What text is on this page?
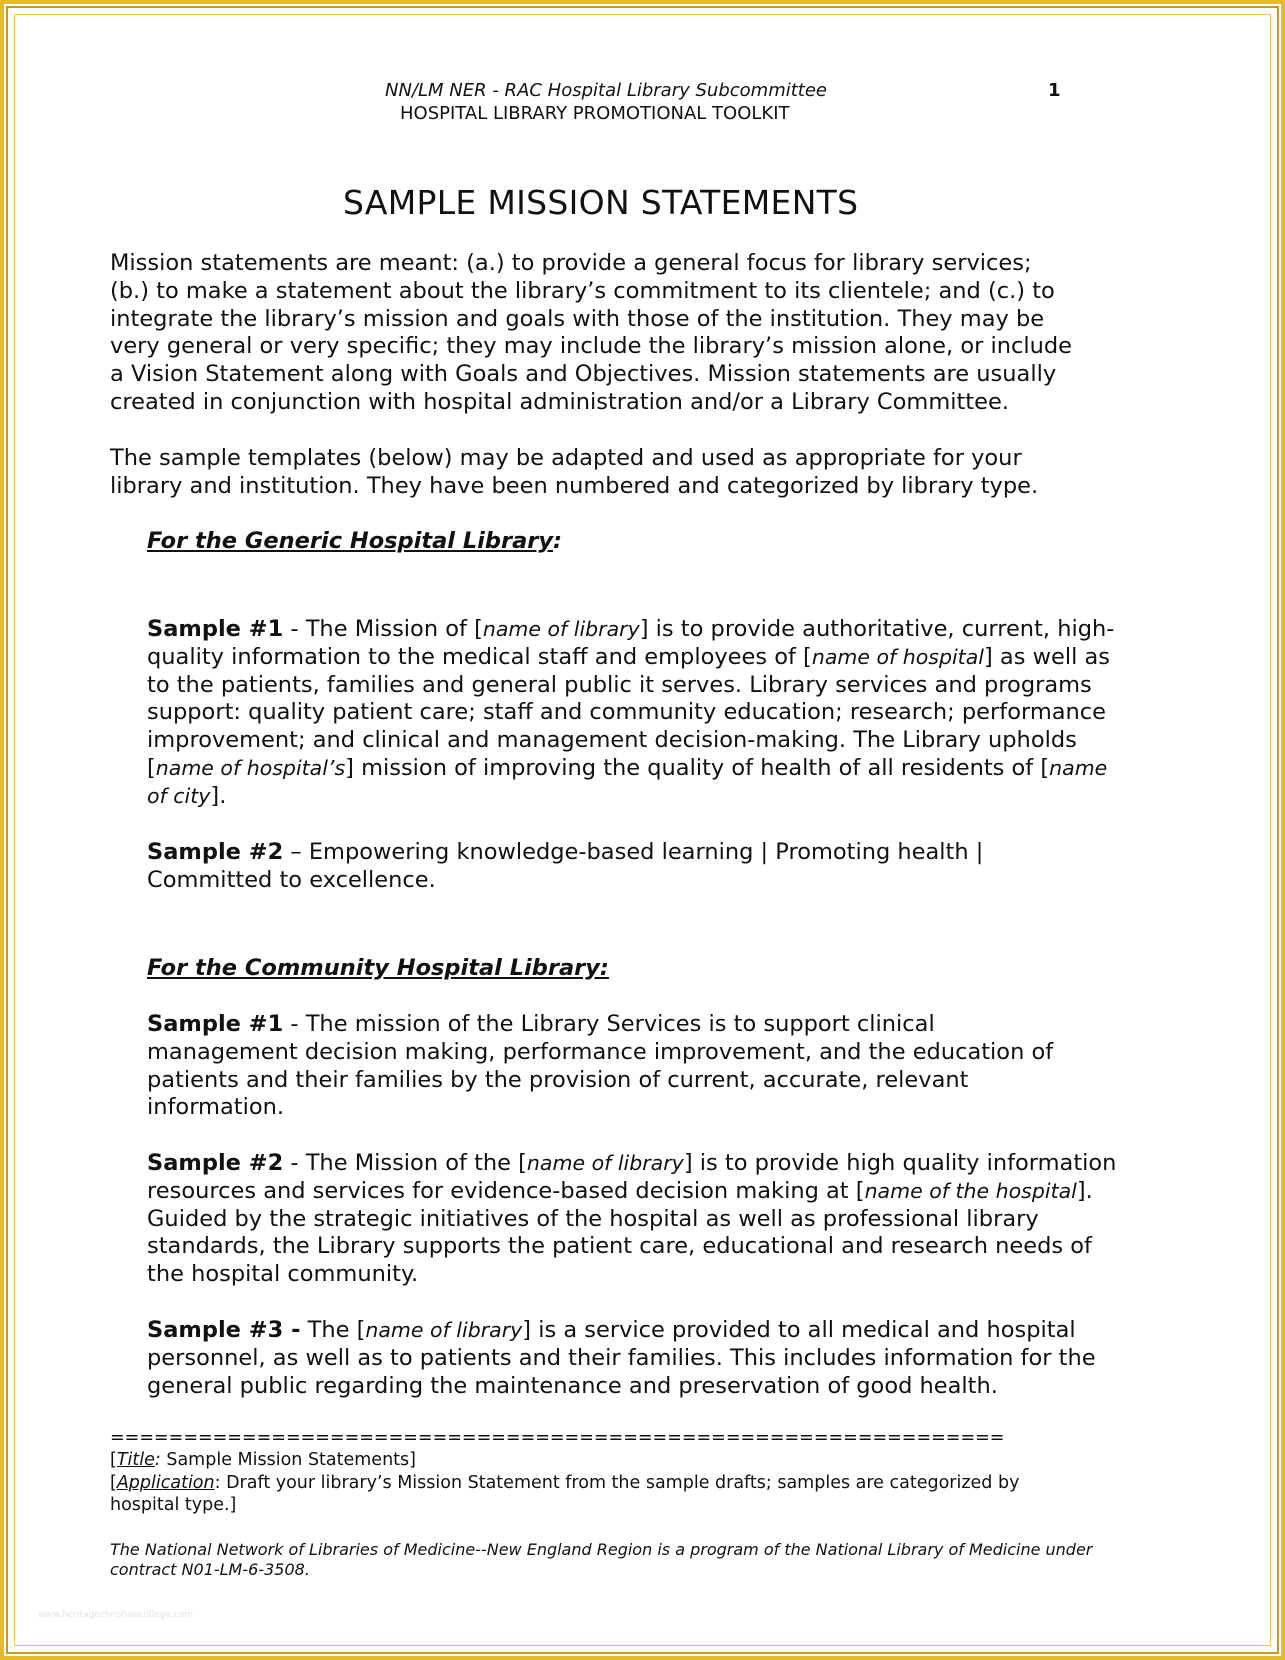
NN/LM NER - RAC Hospital Library Subcommittee	1
HOSPITAL LIBRARY PROMOTIONAL TOOLKIT
SAMPLE MISSION STATEMENTS
Mission statements are meant: (a.) to provide a general focus for library services;
(b.) to make a statement about the library’s commitment to its clientele; and (c.) to
integrate the library’s mission and goals with those of the institution. They may be
very general or very specific; they may include the library’s mission alone, or include
a Vision Statement along with Goals and Objectives. Mission statements are usually
created in conjunction with hospital administration and/or a Library Committee.
The sample templates (below) may be adapted and used as appropriate for your
library and institution. They have been numbered and categorized by library type.
For the Generic Hospital Library:
Sample #1 - The Mission of [name of library] is to provide authoritative, current, high-quality information to the medical staff and employees of [name of hospital] as well as to the patients, families and general public it serves. Library services and programs support: quality patient care; staff and community education; research; performance improvement; and clinical and management decision-making. The Library upholds [name of hospital’s] mission of improving the quality of health of all residents of [name of city].
Sample #2 – Empowering knowledge-based learning | Promoting health | Committed to excellence.
For the Community Hospital Library:
Sample #1 - The mission of the Library Services is to support clinical management decision making, performance improvement, and the education of patients and their families by the provision of current, accurate, relevant information.
Sample #2 - The Mission of the [name of library] is to provide high quality information resources and services for evidence-based decision making at [name of the hospital]. Guided by the strategic initiatives of the hospital as well as professional library standards, the Library supports the patient care, educational and research needs of the hospital community.
Sample #3 - The [name of library] is a service provided to all medical and hospital personnel, as well as to patients and their families. This includes information for the general public regarding the maintenance and preservation of good health.
=============================================================
[Title: Sample Mission Statements]
[Application: Draft your library’s Mission Statement from the sample drafts; samples are categorized by
hospital type.]
The National Network of Libraries of Medicine--New England Region is a program of the National Library of Medicine under contract N01-LM-6-3508.
www.heritagechristiancollege.com
